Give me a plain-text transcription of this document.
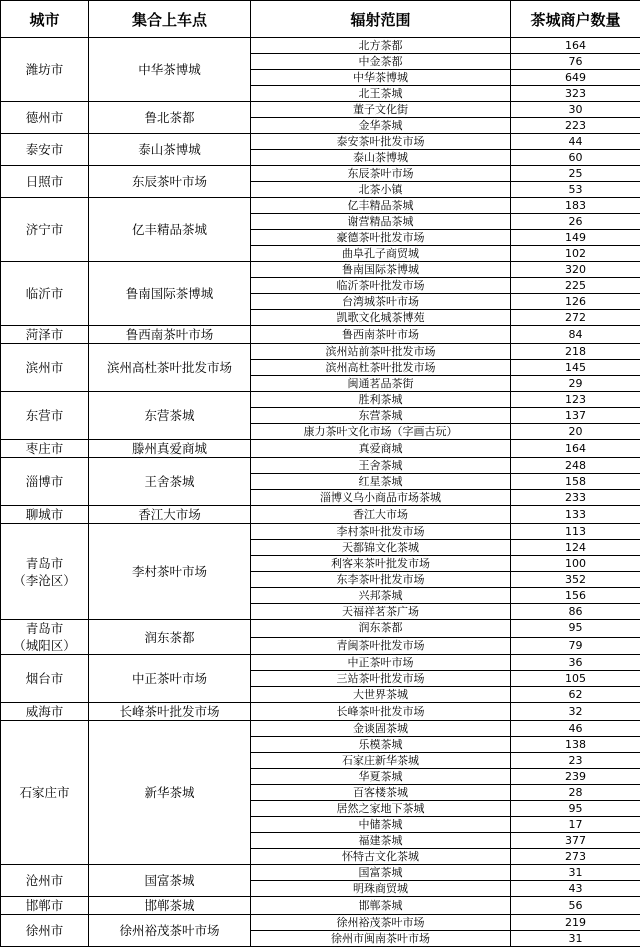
城市	集合上车点	辐射范围	茶城商户数量
潍坊市	中华茶博城	北方茶都	164
		中金茶都	76
		中华茶博城	649
		北王茶城	323
德州市	鲁北茶都	董子文化街	30
		金华茶城	223
泰安市	泰山茶博城	泰安茶叶批发市场	44
		泰山茶博城	60
日照市	东辰茶叶市场	东辰茶叶市场	25
		北茶小镇	53
济宁市	亿丰精品茶城	亿丰精品茶城	183
		谢营精品茶城	26
		豪德茶叶批发市场	149
		曲阜孔子商贸城	102
临沂市	鲁南国际茶博城	鲁南国际茶博城	320
		临沂茶叶批发市场	225
		台湾城茶叶市场	126
		凯歌文化城茶博苑	272
菏泽市	鲁西南茶叶市场	鲁西南茶叶市场	84
滨州市	滨州高杜茶叶批发市场	滨州站前茶叶批发市场	218
		滨州高杜茶叶批发市场	145
		闽通茗品茶街	29
东营市	东营茶城	胜利茶城	123
		东营茶城	137
		康力茶叶文化市场（字画古玩）	20
枣庄市	滕州真爱商城	真爱商城	164
淄博市	王舍茶城	王舍茶城	248
		红星茶城	158
		淄博义乌小商品市场茶城	233
聊城市	香江大市场	香江大市场	133
青岛市
（李沧区）	李村茶叶市场	李村茶叶批发市场	113
		天都锦文化茶城	124
		利客来茶叶批发市场	100
		东李茶叶批发市场	352
		兴邦茶城	156
		天福祥茗茶广场	86
青岛市
（城阳区）	润东茶都	润东茶都	95
		青闽茶叶批发市场	79
烟台市	中正茶叶市场	中正茶叶市场	36
		三站茶叶批发市场	105
		大世界茶城	62
威海市	长峰茶叶批发市场	长峰茶叶批发市场	32
石家庄市	新华茶城	金谈固茶城	46
		乐模茶城	138
		石家庄新华茶城	23
		华夏茶城	239
		百客楼茶城	28
		居然之家地下茶城	95
		中储茶城	17
		福建茶城	377
		怀特古文化茶城	273
沧州市	国富茶城	国富茶城	31
		明珠商贸城	43
邯郸市	邯郸茶城	邯郸茶城	56
徐州市	徐州裕茂茶叶市场	徐州裕茂茶叶市场	219
		徐州市闽南茶叶市场	31
